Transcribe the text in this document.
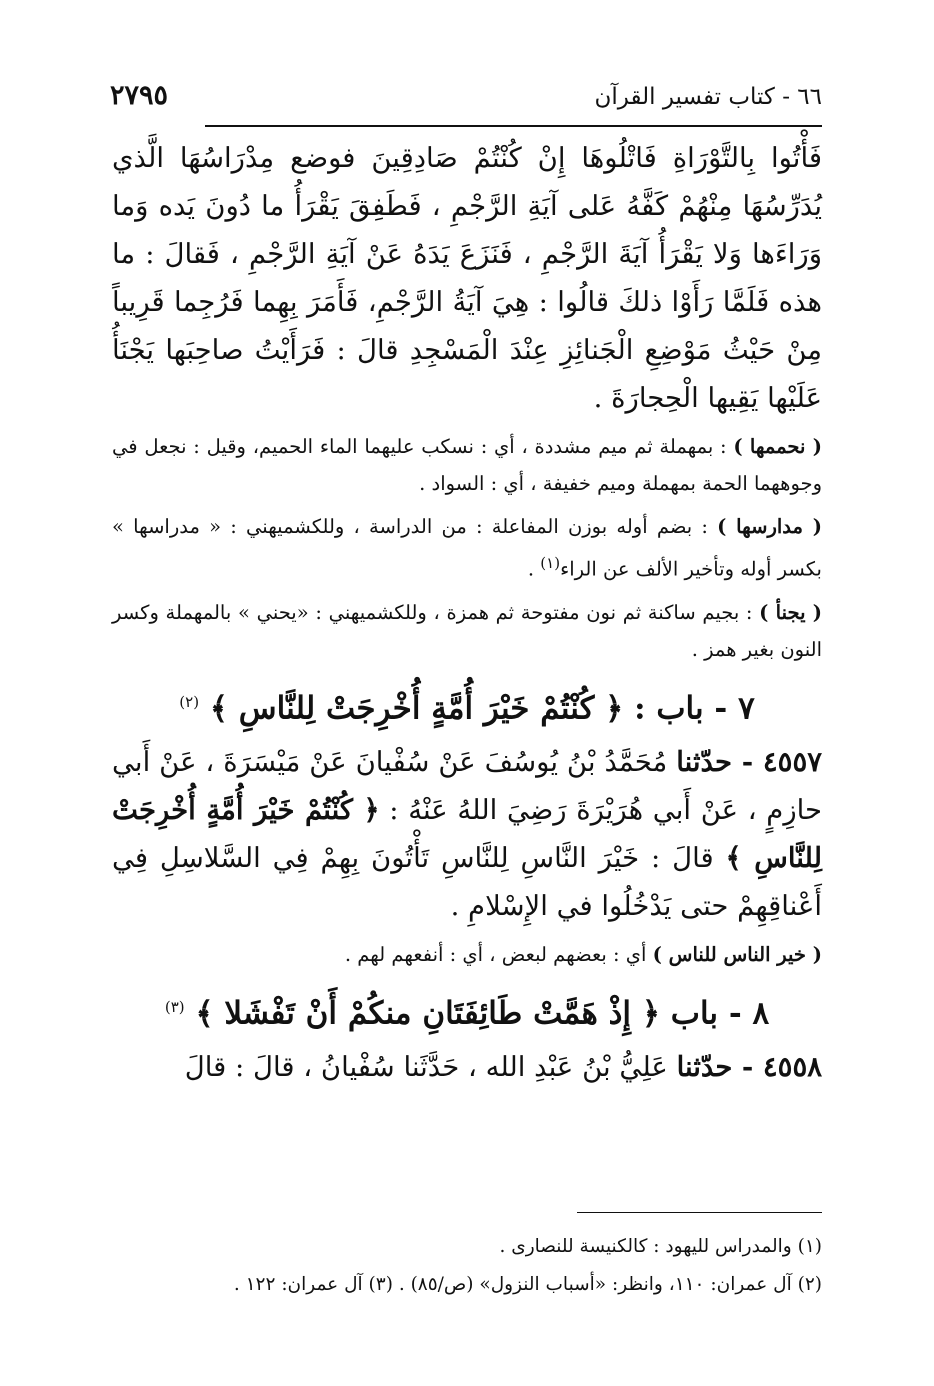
٦٦ - كتاب تفسير القرآن
٢٧٩٥

فَأْتُوا بِالتَّوْرَاةِ فَاتْلُوهَا إِنْ كُنْتُمْ صَادِقِينَ فوضع مِدْرَاسُهَا الَّذي يُدَرِّسُهَا مِنْهُمْ كَفَّهُ عَلى آيَةِ الرَّجْمِ ، فَطَفِقَ يَقْرَأُ ما دُونَ يَده وَما وَرَاءَها وَلا يَقْرَأُ آيَةَ الرَّجْمِ ، فَنَزَعَ يَدَهُ عَنْ آيَةِ الرَّجْمِ ، فَقالَ : ما هذه فَلَمَّا رَأَوْا ذلكَ قالُوا : هِيَ آيَةُ الرَّجْمِ، فَأَمَرَ بِهِما فَرُجِما قَرِيباً مِنْ حَيْثُ مَوْضِعِ الْجَنائِزِ عِنْدَ الْمَسْجِدِ قالَ : فَرَأَيْتُ صاحِبَها يَجْنَأُ عَلَيْها يَقِيها الْحِجارَةَ .

( نحممها ) : بمهملة ثم ميم مشددة ، أي : نسكب عليهما الماء الحميم، وقيل : نجعل في وجوههما الحمة بمهملة وميم خفيفة ، أي : السواد .

( مدارسها ) : بضم أوله بوزن المفاعلة : من الدراسة ، وللكشميهني : « مدراسها » بكسر أوله وتأخير الألف عن الراء$^{(١)}$ .

( يجنأ ) : بجيم ساكنة ثم نون مفتوحة ثم همزة ، وللكشميهني : «يحني » بالمهملة وكسر النون بغير همز .

٧ - باب : ﴿ كُنْتُمْ خَيْرَ أُمَّةٍ أُخْرِجَتْ لِلنَّاسِ ﴾ $^{(٢)}$

٤٥٥٧ - حدّثنا مُحَمَّدُ بْنُ يُوسُفَ عَنْ سُفْيانَ عَنْ مَيْسَرَةَ ، عَنْ أَبي حازِمٍ ، عَنْ أَبي هُرَيْرَةَ رَضِيَ اللهُ عَنْهُ : ﴿ كُنْتُمْ خَيْرَ أُمَّةٍ أُخْرِجَتْ لِلنَّاسِ ﴾ قالَ : خَيْرَ النَّاسِ لِلنَّاسِ تَأْتُونَ بِهِمْ فِي السَّلاسِلِ فِي أَعْناقِهِمْ حتى يَدْخُلُوا في الإِسْلامِ .

( خير الناس للناس ) أي : بعضهم لبعض ، أي : أنفعهم لهم .

٨ - باب ﴿ إِذْ هَمَّتْ طَائِفَتَانِ منكُمْ أَنْ تَفْشَلا ﴾ $^{(٣)}$

٤٥٥٨ - حدّثنا عَلِيُّ بْنُ عَبْدِ الله ، حَدَّثَنا سُفْيانُ ، قالَ : قالَ

(١) والمدراس لليهود : كالكنيسة للنصارى .
(٢) آل عمران: ١١٠، وانظر: «أسباب النزول» (ص/٨٥) . (٣) آل عمران: ١٢٢ .
